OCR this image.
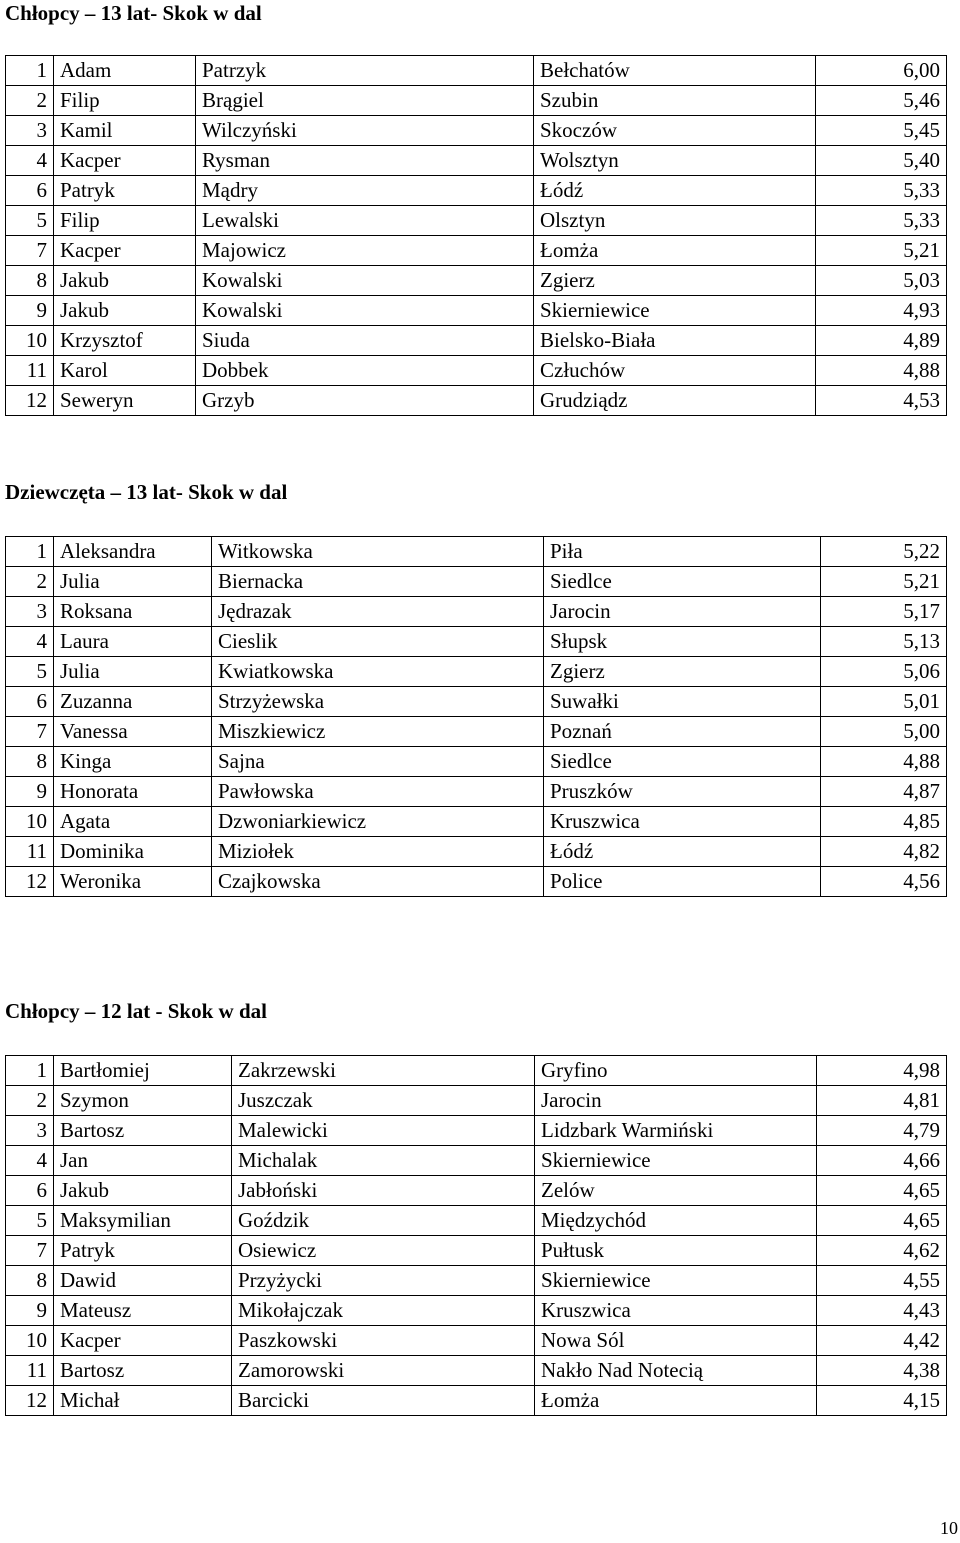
Chłopcy – 13 lat- Skok w dal
1	Adam	Patrzyk	Bełchatów	6,00
2	Filip	Brągiel	Szubin	5,46
3	Kamil	Wilczyński	Skoczów	5,45
4	Kacper	Rysman	Wolsztyn	5,40
6	Patryk	Mądry	Łódź	5,33
5	Filip	Lewalski	Olsztyn	5,33
7	Kacper	Majowicz	Łomża	5,21
8	Jakub	Kowalski	Zgierz	5,03
9	Jakub	Kowalski	Skierniewice	4,93
10	Krzysztof	Siuda	Bielsko-Biała	4,89
11	Karol	Dobbek	Człuchów	4,88
12	Seweryn	Grzyb	Grudziądz	4,53
Dziewczęta – 13 lat- Skok w dal
1	Aleksandra	Witkowska	Piła	5,22
2	Julia	Biernacka	Siedlce	5,21
3	Roksana	Jędrazak	Jarocin	5,17
4	Laura	Cieslik	Słupsk	5,13
5	Julia	Kwiatkowska	Zgierz	5,06
6	Zuzanna	Strzyżewska	Suwałki	5,01
7	Vanessa	Miszkiewicz	Poznań	5,00
8	Kinga	Sajna	Siedlce	4,88
9	Honorata	Pawłowska	Pruszków	4,87
10	Agata	Dzwoniarkiewicz	Kruszwica	4,85
11	Dominika	Miziołek	Łódź	4,82
12	Weronika	Czajkowska	Police	4,56
Chłopcy – 12 lat - Skok w dal
1	Bartłomiej	Zakrzewski	Gryfino	4,98
2	Szymon	Juszczak	Jarocin	4,81
3	Bartosz	Malewicki	Lidzbark Warmiński	4,79
4	Jan	Michalak	Skierniewice	4,66
6	Jakub	Jabłoński	Zelów	4,65
5	Maksymilian	Goździk	Międzychód	4,65
7	Patryk	Osiewicz	Pułtusk	4,62
8	Dawid	Przyżycki	Skierniewice	4,55
9	Mateusz	Mikołajczak	Kruszwica	4,43
10	Kacper	Paszkowski	Nowa Sól	4,42
11	Bartosz	Zamorowski	Nakło Nad Notecią	4,38
12	Michał	Barcicki	Łomża	4,15
10
